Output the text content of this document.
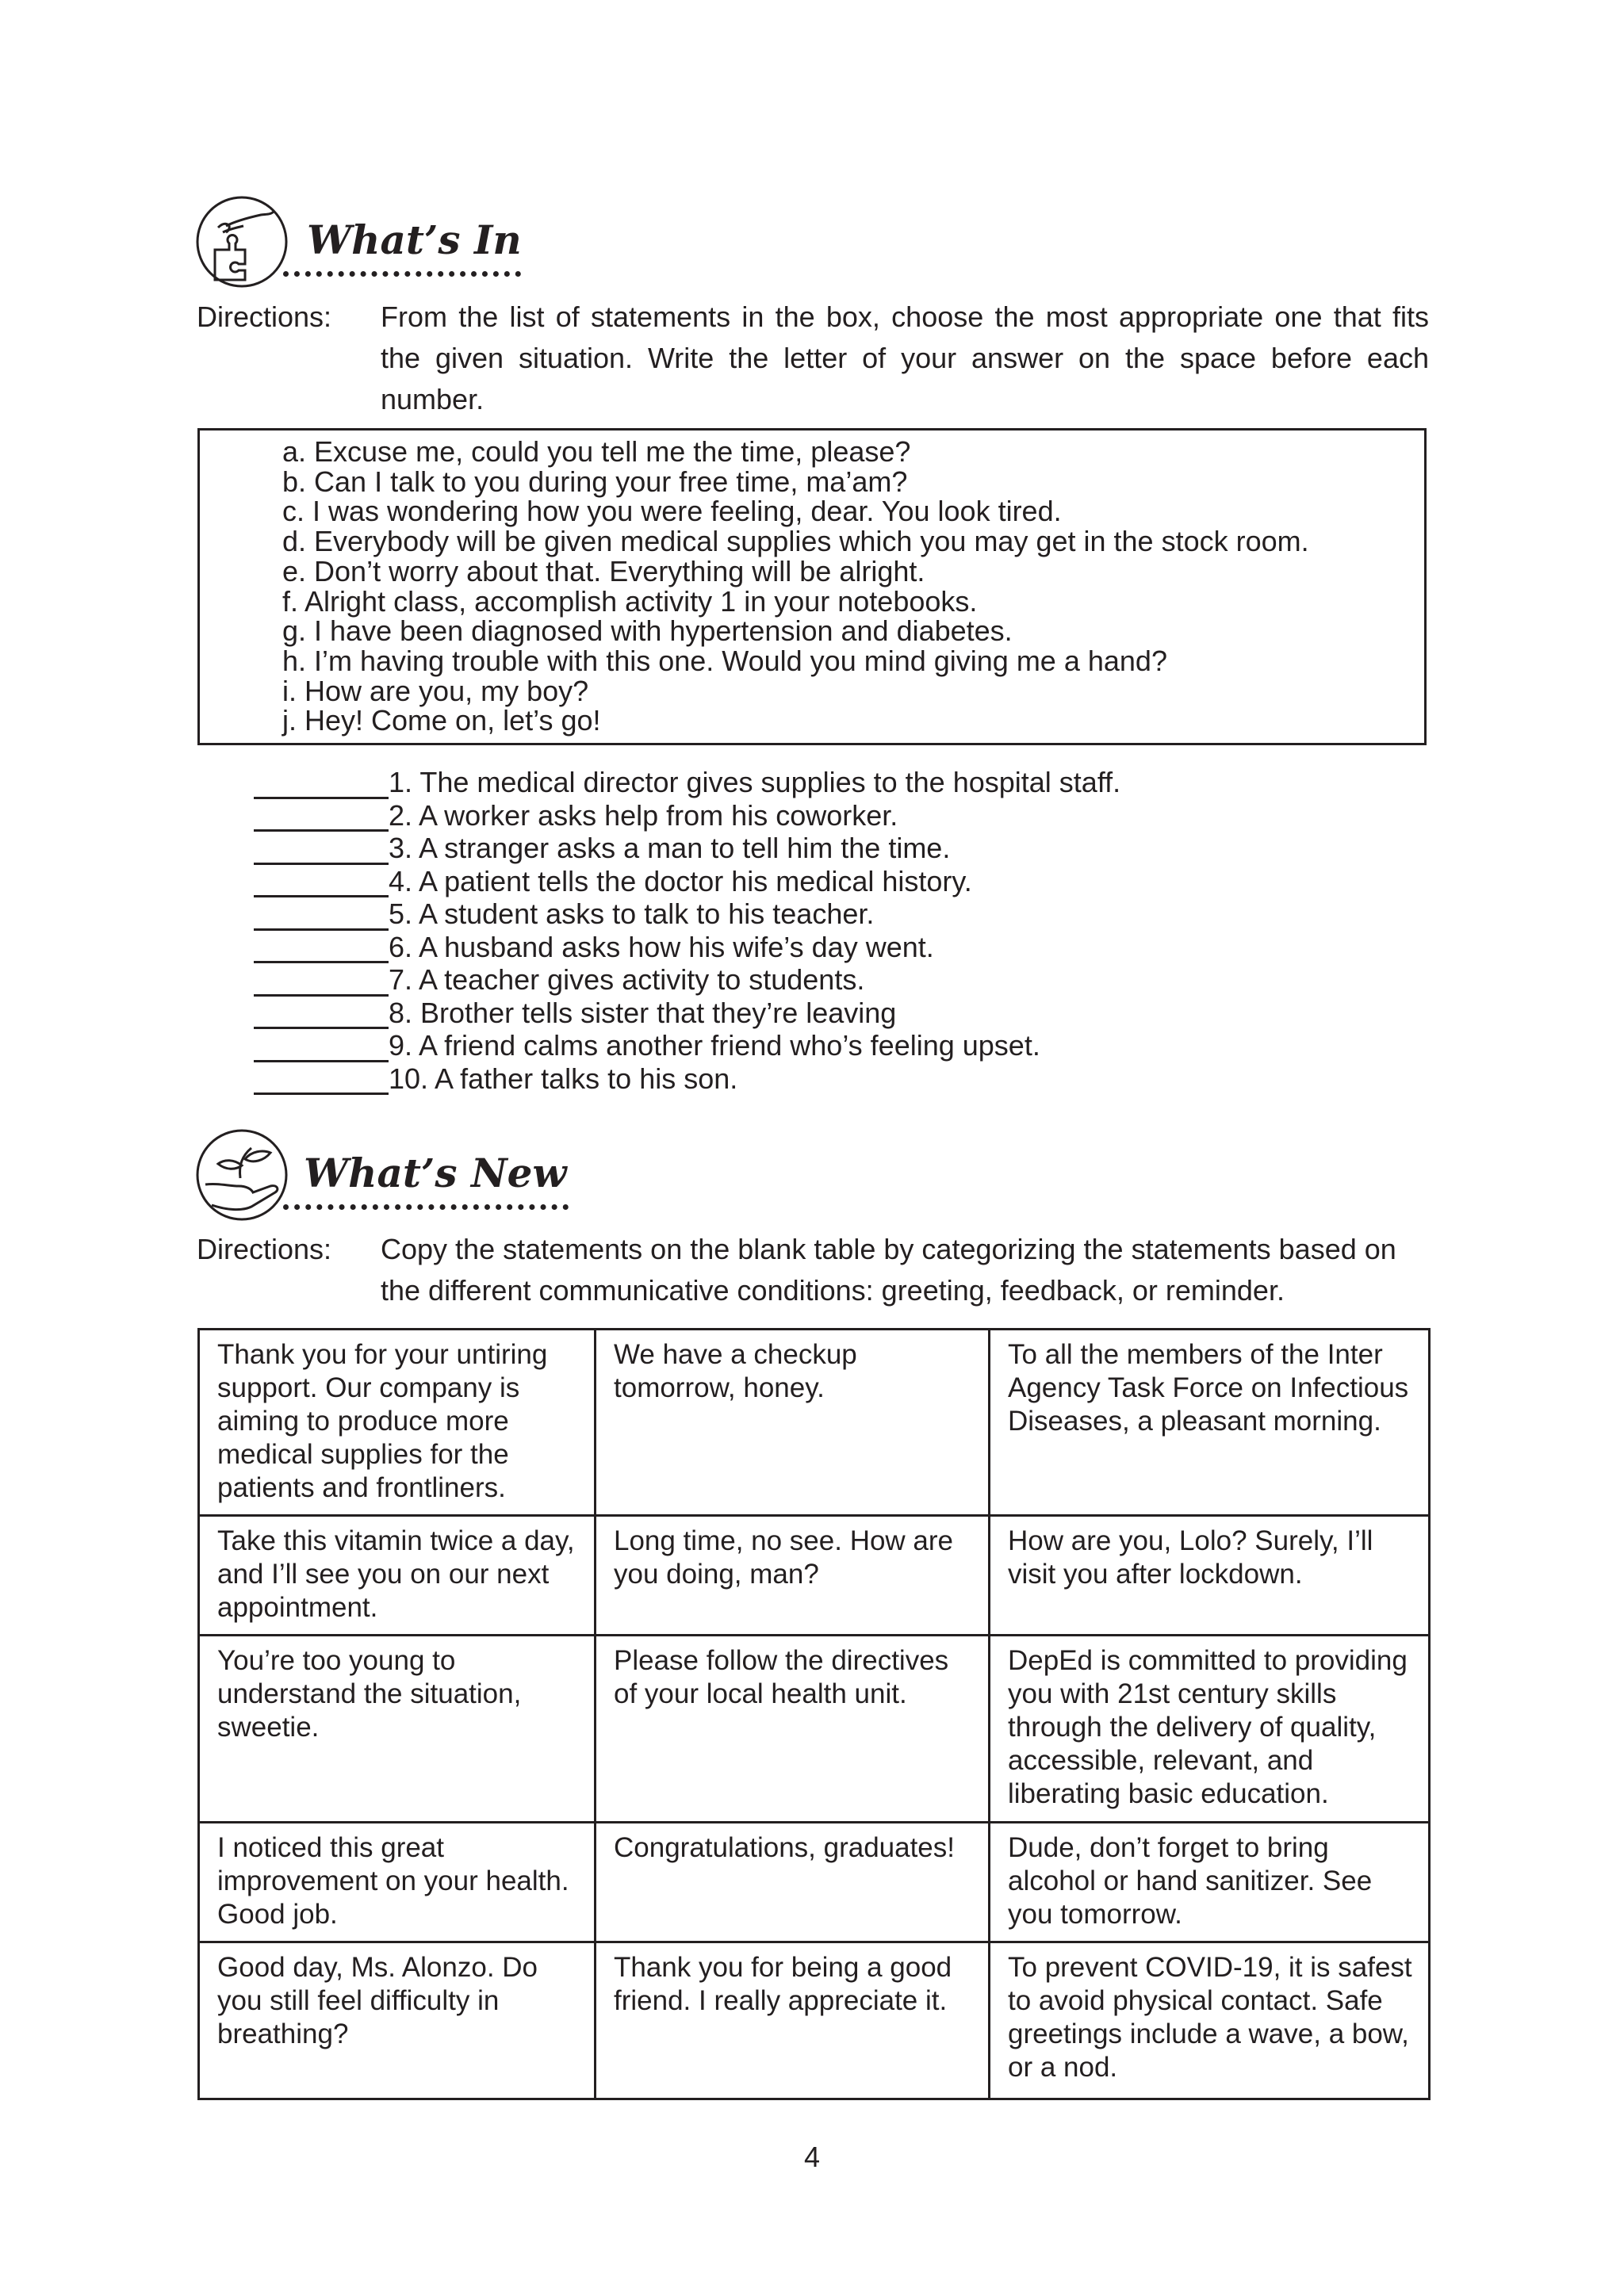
What’s In
Directions: From the list of statements in the box, choose the most appropriate one that fits the given situation. Write the letter of your answer on the space before each number.
a. Excuse me, could you tell me the time, please?
b. Can I talk to you during your free time, ma’am?
c. I was wondering how you were feeling, dear. You look tired.
d. Everybody will be given medical supplies which you may get in the stock room.
e. Don’t worry about that. Everything will be alright.
f. Alright class, accomplish activity 1 in your notebooks.
g. I have been diagnosed with hypertension and diabetes.
h. I’m having trouble with this one. Would you mind giving me a hand?
i. How are you, my boy?
j. Hey! Come on, let’s go!
1. The medical director gives supplies to the hospital staff.
2. A worker asks help from his coworker.
3. A stranger asks a man to tell him the time.
4. A patient tells the doctor his medical history.
5. A student asks to talk to his teacher.
6. A husband asks how his wife’s day went.
7. A teacher gives activity to students.
8. Brother tells sister that they’re leaving
9. A friend calms another friend who’s feeling upset.
10. A father talks to his son.
What’s New
Directions: Copy the statements on the blank table by categorizing the statements based on the different communicative conditions: greeting, feedback, or reminder.
Thank you for your untiring support. Our company is aiming to produce more medical supplies for the patients and frontliners.	We have a checkup tomorrow, honey.	To all the members of the Inter Agency Task Force on Infectious Diseases, a pleasant morning.
Take this vitamin twice a day, and I’ll see you on our next appointment.	Long time, no see. How are you doing, man?	How are you, Lolo? Surely, I’ll visit you after lockdown.
You’re too young to understand the situation, sweetie.	Please follow the directives of your local health unit.	DepEd is committed to providing you with 21st century skills through the delivery of quality, accessible, relevant, and liberating basic education.
I noticed this great improvement on your health. Good job.	Congratulations, graduates!	Dude, don’t forget to bring alcohol or hand sanitizer. See you tomorrow.
Good day, Ms. Alonzo. Do you still feel difficulty in breathing?	Thank you for being a good friend. I really appreciate it.	To prevent COVID-19, it is safest to avoid physical contact. Safe greetings include a wave, a bow, or a nod.
4
